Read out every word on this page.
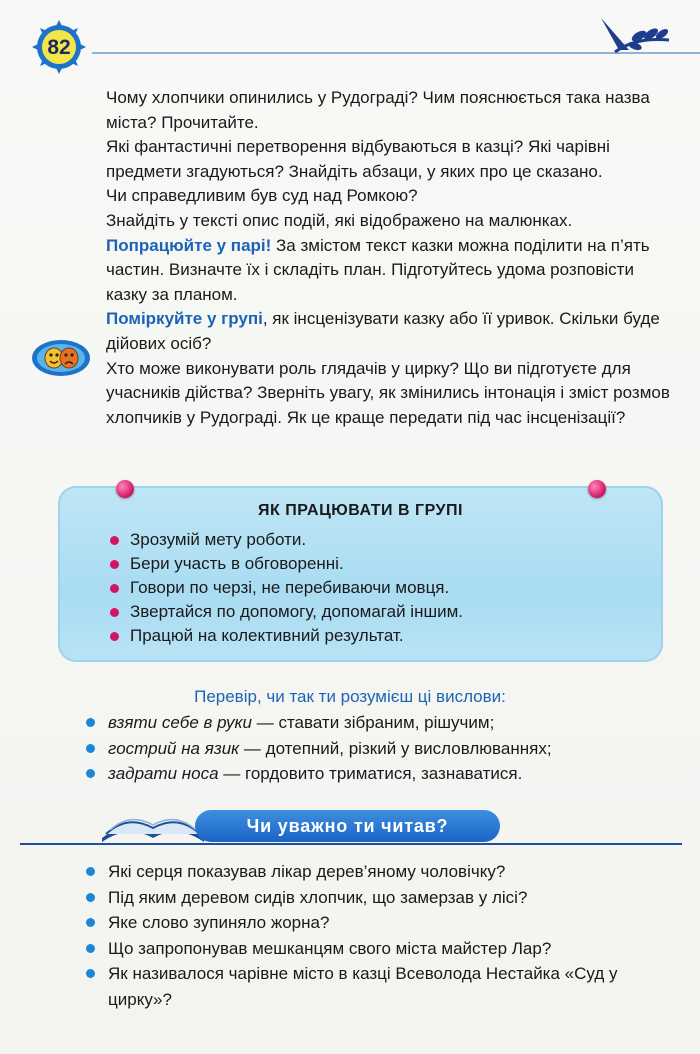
82

Чому хлопчики опинились у Рудограді? Чим пояснюється така назва міста? Прочитайте.

Які фантастичні перетворення відбуваються в казці? Які чарівні предмети згадуються? Знайдіть абзаци, у яких про це сказано.

Чи справедливим був суд над Ромкою?

Знайдіть у тексті опис подій, які відображено на малюнках.

Попрацюйте у парі! За змістом текст казки можна поділити на п’ять частин. Визначте їх і складіть план. Підготуйтесь удома розповісти казку за планом.

Поміркуйте у групі, як інсценізувати казку або її уривок. Скільки буде дійових осіб?

Хто може виконувати роль глядачів у цирку? Що ви підготуєте для учасників дійства? Зверніть увагу, як змінились інтонація і зміст розмов хлопчиків у Рудограді. Як це краще передати під час інсценізації?

ЯК ПРАЦЮВАТИ В ГРУПІ
Зрозумій мету роботи.
Бери участь в обговоренні.
Говори по черзі, не перебиваючи мовця.
Звертайся по допомогу, допомагай іншим.
Працюй на колективний результат.
Перевір, чи так ти розумієш ці вислови:
взяти себе в руки — ставати зібраним, рішучим;
гострий на язик — дотепний, різкий у висловлюваннях;
задрати носа — гордовито триматися, зазнаватися.
Чи уважно ти читав?
Які серця показував лікар дерев’яному чоловічку?
Під яким деревом сидів хлопчик, що замерзав у лісі?
Яке слово зупиняло жорна?
Що запропонував мешканцям свого міста майстер Лар?
Як називалося чарівне місто в казці Всеволода Нестайка «Суд у цирку»?
